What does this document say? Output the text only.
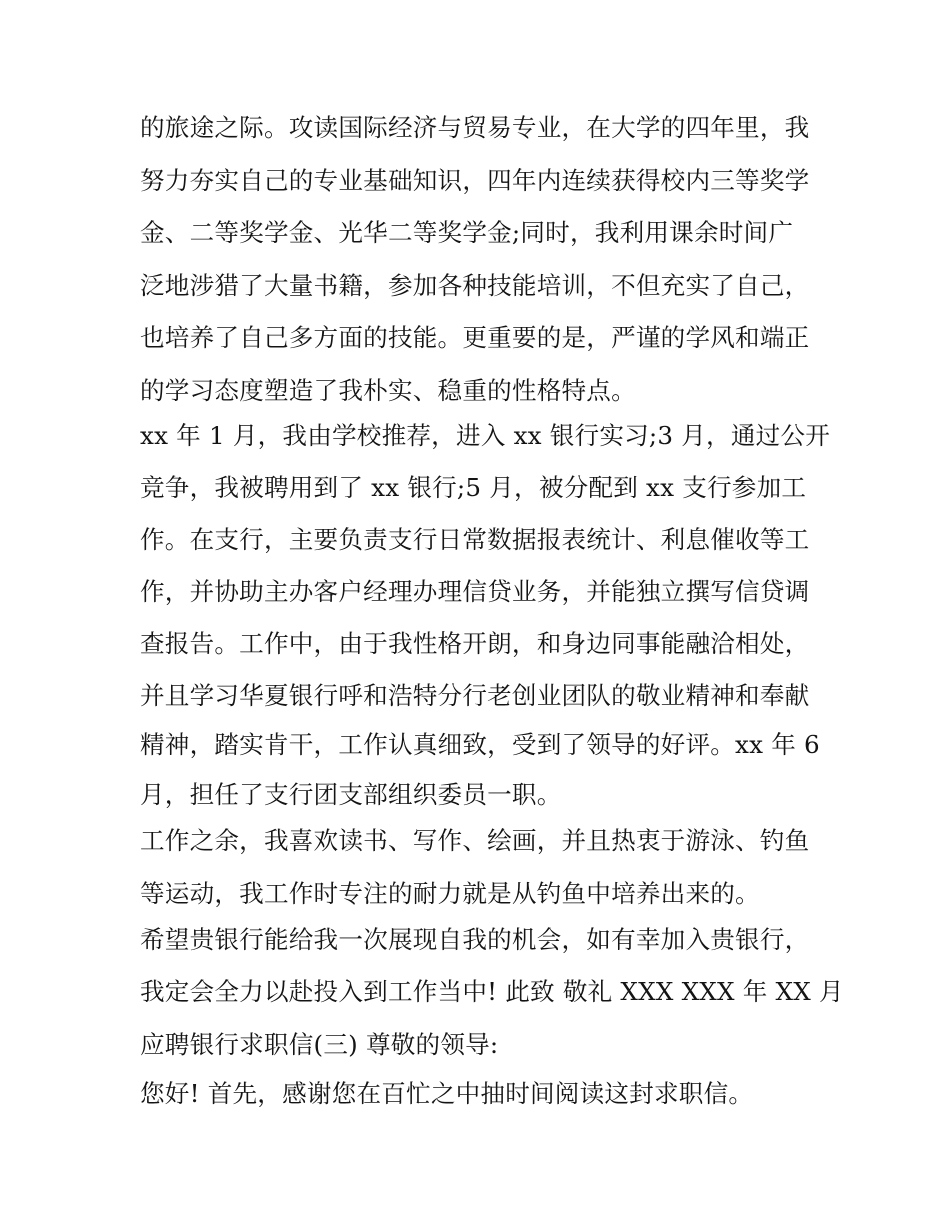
的旅途之际。攻读国际经济与贸易专业，在大学的四年里，我
努力夯实自己的专业基础知识，四年内连续获得校内三等奖学
金、二等奖学金、光华二等奖学金;同时，我利用课余时间广
泛地涉猎了大量书籍，参加各种技能培训，不但充实了自己，
也培养了自己多方面的技能。更重要的是，严谨的学风和端正
的学习态度塑造了我朴实、稳重的性格特点。
xx 年 1 月，我由学校推荐，进入 xx 银行实习;3 月，通过公开
竞争，我被聘用到了 xx 银行;5 月，被分配到 xx 支行参加工
作。在支行，主要负责支行日常数据报表统计、利息催收等工
作，并协助主办客户经理办理信贷业务，并能独立撰写信贷调
查报告。工作中，由于我性格开朗，和身边同事能融洽相处，
并且学习华夏银行呼和浩特分行老创业团队的敬业精神和奉献
精神，踏实肯干，工作认真细致，受到了领导的好评。xx 年 6
月，担任了支行团支部组织委员一职。
工作之余，我喜欢读书、写作、绘画，并且热衷于游泳、钓鱼
等运动，我工作时专注的耐力就是从钓鱼中培养出来的。
希望贵银行能给我一次展现自我的机会，如有幸加入贵银行，
我定会全力以赴投入到工作当中! 此致 敬礼 XXX XXX 年 XX 月
应聘银行求职信(三) 尊敬的领导:
您好! 首先，感谢您在百忙之中抽时间阅读这封求职信。
